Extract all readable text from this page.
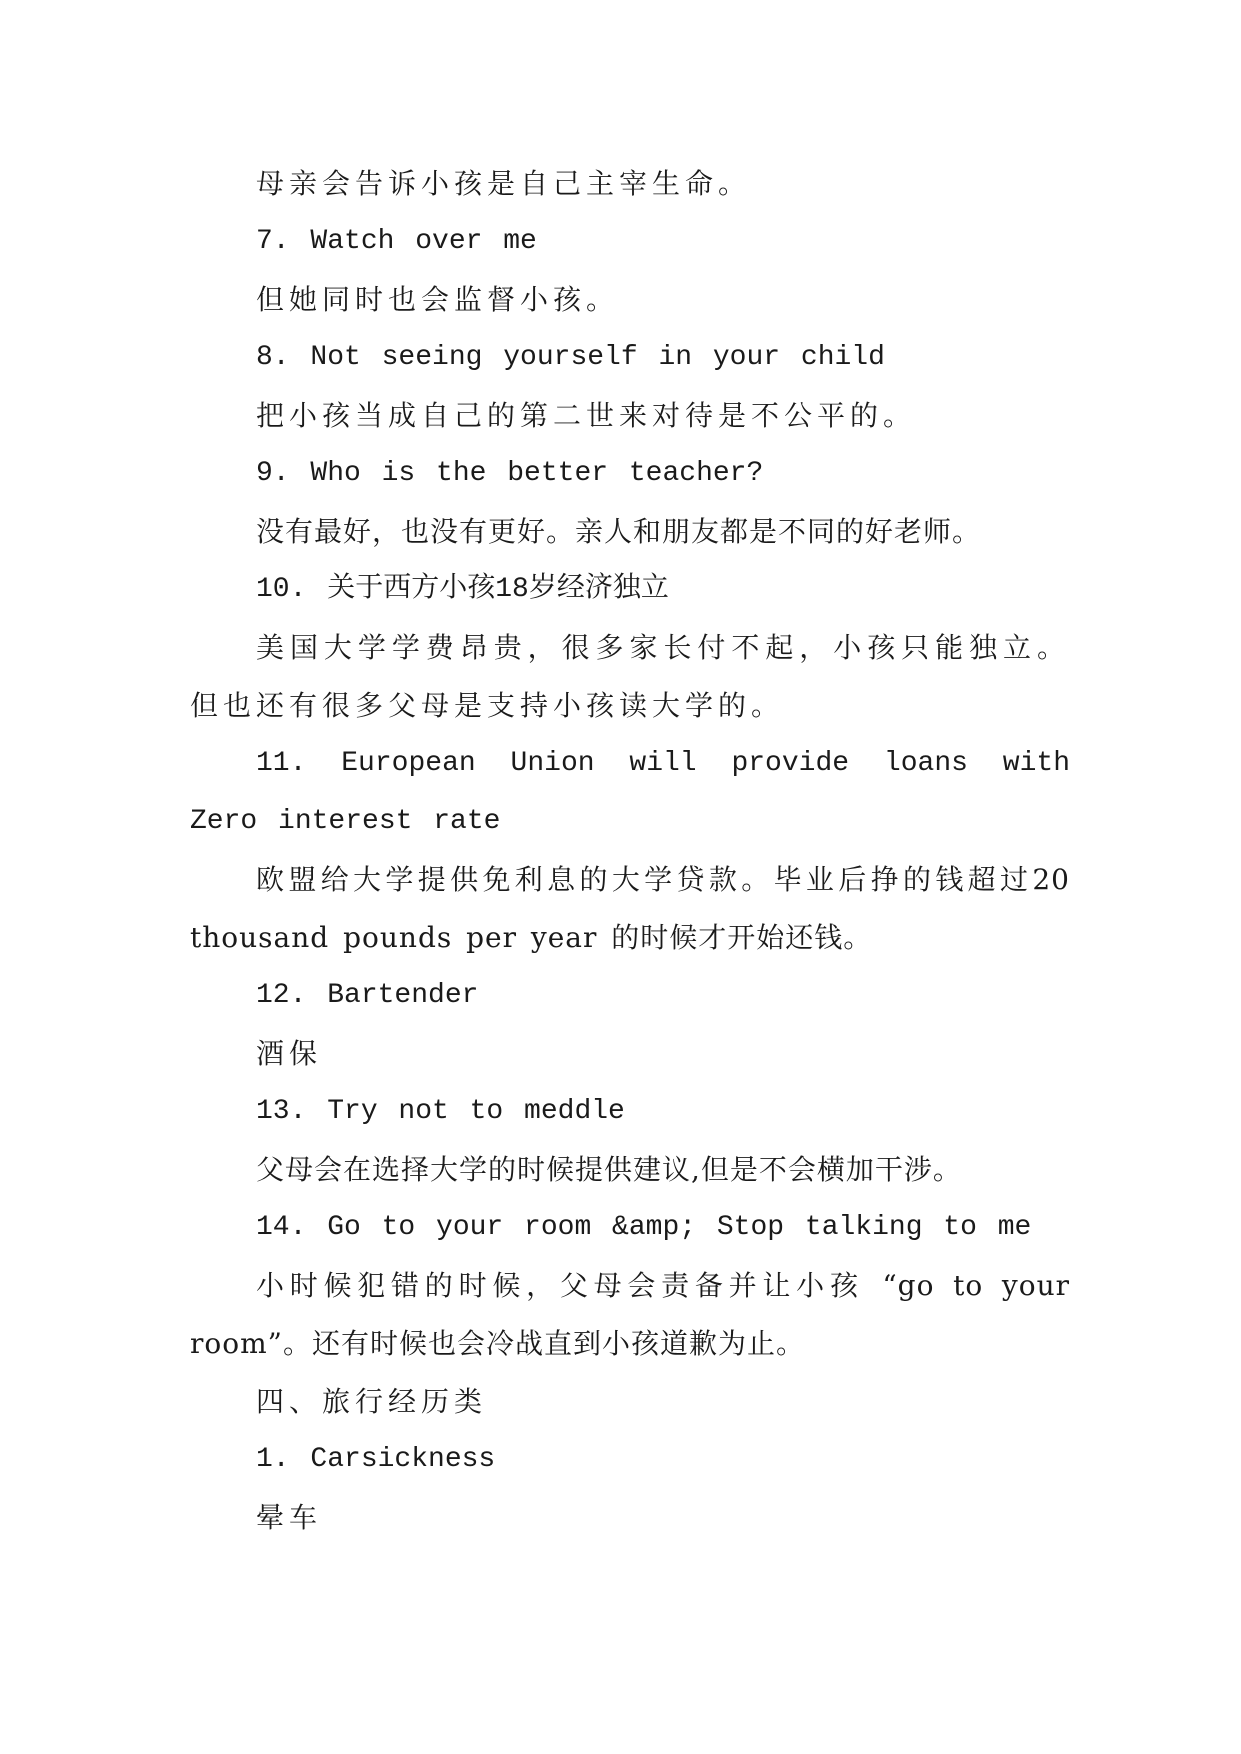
母亲会告诉小孩是自己主宰生命。

7. Watch over me

但她同时也会监督小孩。

8. Not seeing yourself in your child

把小孩当成自己的第二世来对待是不公平的。

9. Who is the better teacher?

没有最好，也没有更好。亲人和朋友都是不同的好老师。

10. 关于西方小孩18岁经济独立

美国大学学费昂贵，很多家长付不起，小孩只能独立。但也还有很多父母是支持小孩读大学的。

11. European Union will provide loans with Zero interest rate

欧盟给大学提供免利息的大学贷款。毕业后挣的钱超过20 thousand pounds per year 的时候才开始还钱。

12. Bartender

酒保

13. Try not to meddle

父母会在选择大学的时候提供建议,但是不会横加干涉。

14. Go to your room &amp; Stop talking to me

小时候犯错的时候，父母会责备并让小孩 “go to your room”。还有时候也会冷战直到小孩道歉为止。

四、旅行经历类

1. Carsickness

晕车
